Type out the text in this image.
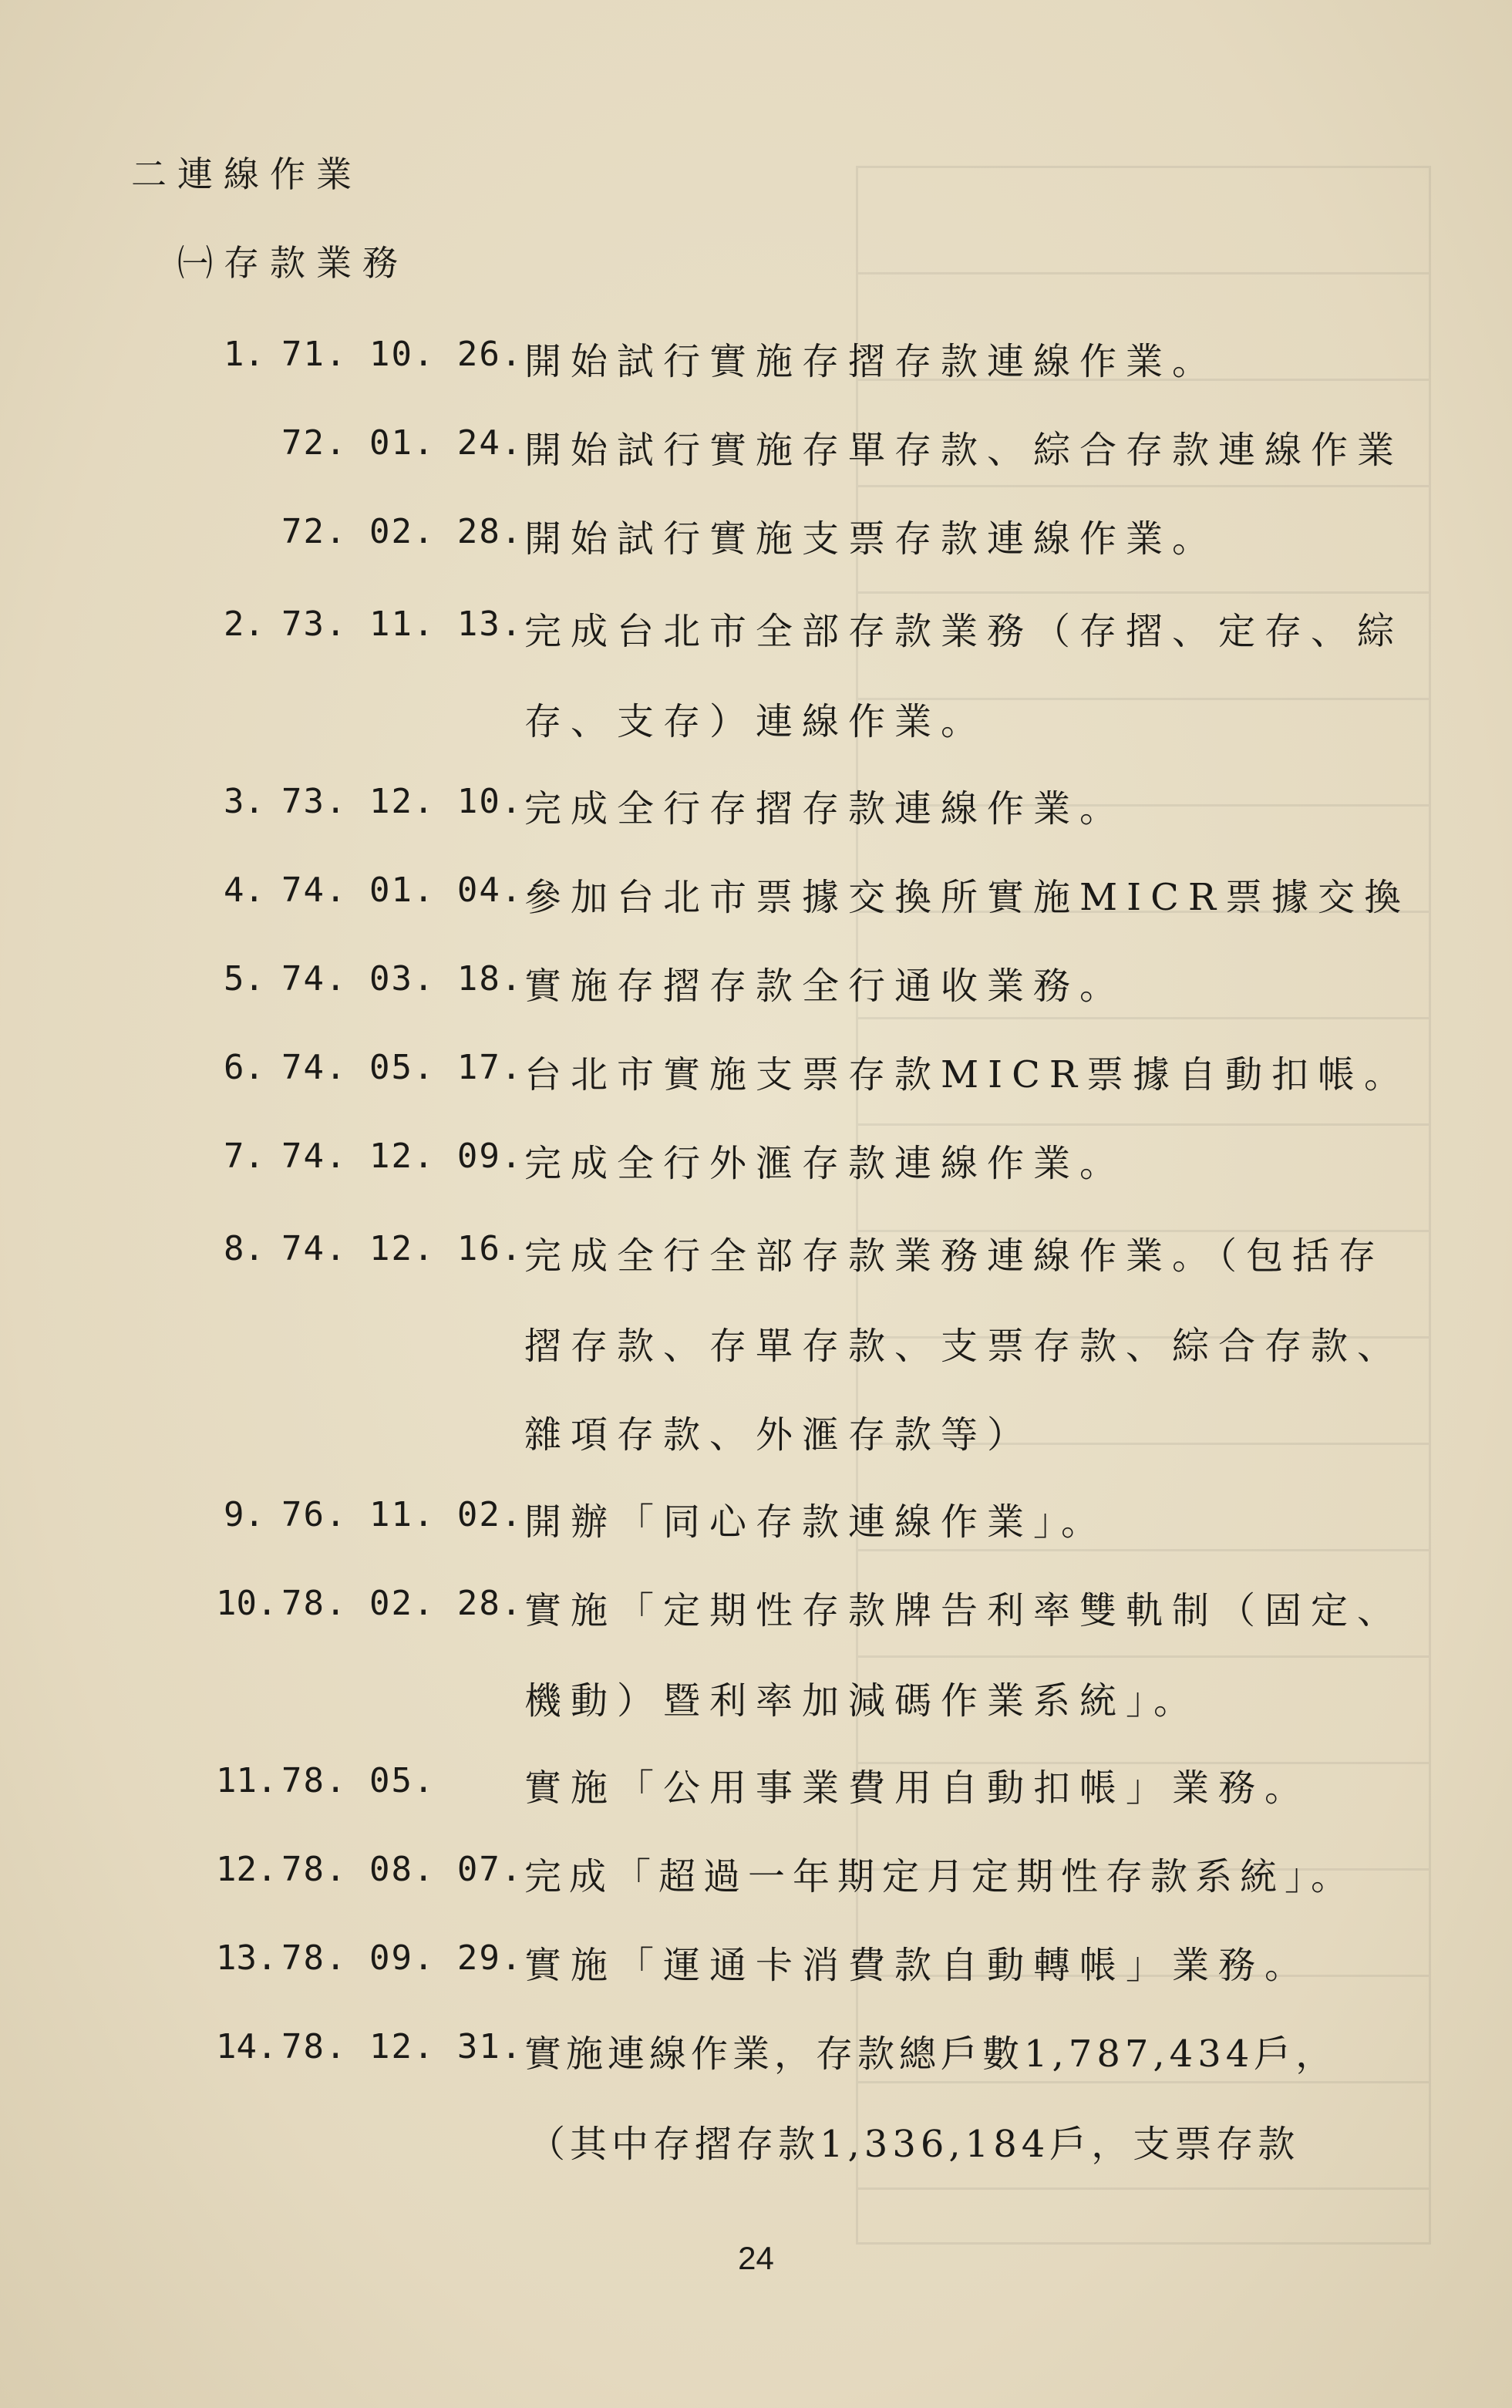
二連線作業
㈠存款業務
1. 71. 10. 26. 開始試行實施存摺存款連線作業。
72. 01. 24. 開始試行實施存單存款、綜合存款連線作業
72. 02. 28. 開始試行實施支票存款連線作業。
2. 73. 11. 13. 完成台北市全部存款業務（存摺、定存、綜
存、支存）連線作業。
3. 73. 12. 10. 完成全行存摺存款連線作業。
4. 74. 01. 04. 參加台北市票據交換所實施MICR票據交換
5. 74. 03. 18. 實施存摺存款全行通收業務。
6. 74. 05. 17. 台北市實施支票存款MICR票據自動扣帳。
7. 74. 12. 09. 完成全行外滙存款連線作業。
8. 74. 12. 16. 完成全行全部存款業務連線作業。（包括存
摺存款、存單存款、支票存款、綜合存款、
雜項存款、外滙存款等）
9. 76. 11. 02. 開辦「同心存款連線作業」。
10. 78. 02. 28. 實施「定期性存款牌告利率雙軌制（固定、
機動）暨利率加減碼作業系統」。
11. 78. 05. 實施「公用事業費用自動扣帳」業務。
12. 78. 08. 07. 完成「超過一年期定月定期性存款系統」。
13. 78. 09. 29. 實施「運通卡消費款自動轉帳」業務。
14. 78. 12. 31. 實施連線作業，存款總戶數1,787,434戶，
（其中存摺存款1,336,184戶，支票存款
24
